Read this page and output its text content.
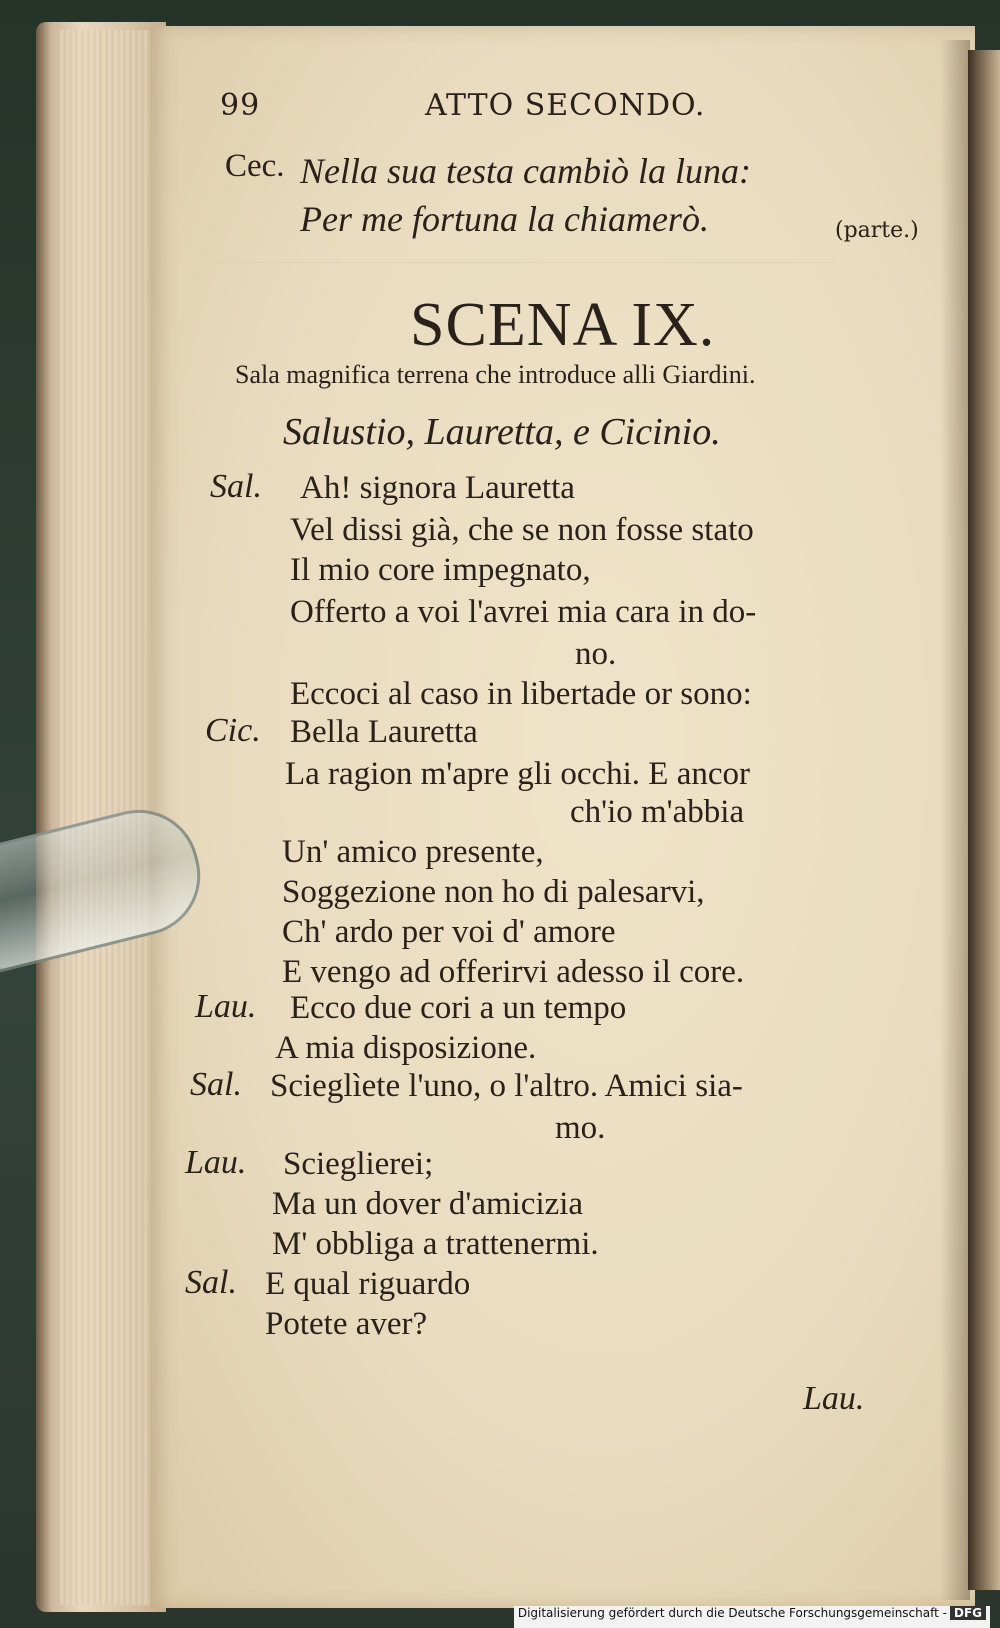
99	ATTO SECONDO.
Cec. Nella sua testa cambiò la luna:
Per me fortuna la chiamerò.	(parte.)
SCENA IX.
Sala magnifica terrena che introduce alli Giardini.
Salustio, Lauretta, e Cicinio.
Sal. Ah! signora Lauretta
Vel dissi già, che se non fosse stato
Il mio core impegnato,
Offerto a voi l'avrei mia cara in do-
no.
Eccoci al caso in libertade or sono:
Cic. Bella Lauretta
La ragion m'apre gli occhi. E ancor
ch'io m'abbia
Un' amico presente,
Soggezione non ho di palesarvi,
Ch' ardo per voi d' amore
E vengo ad offerirvi adesso il core.
Lau. Ecco due cori a un tempo
A mia disposizione.
Sal. Scieglìete l'uno, o l'altro. Amici sia-
mo.
Lau. Scieglierei;
Ma un dover d'amicizia
M' obbliga a trattenermi.
Sal. E qual riguardo
Potete aver?
Lau.
Digitalisierung gefördert durch die Deutsche Forschungsgemeinschaft - DFG
